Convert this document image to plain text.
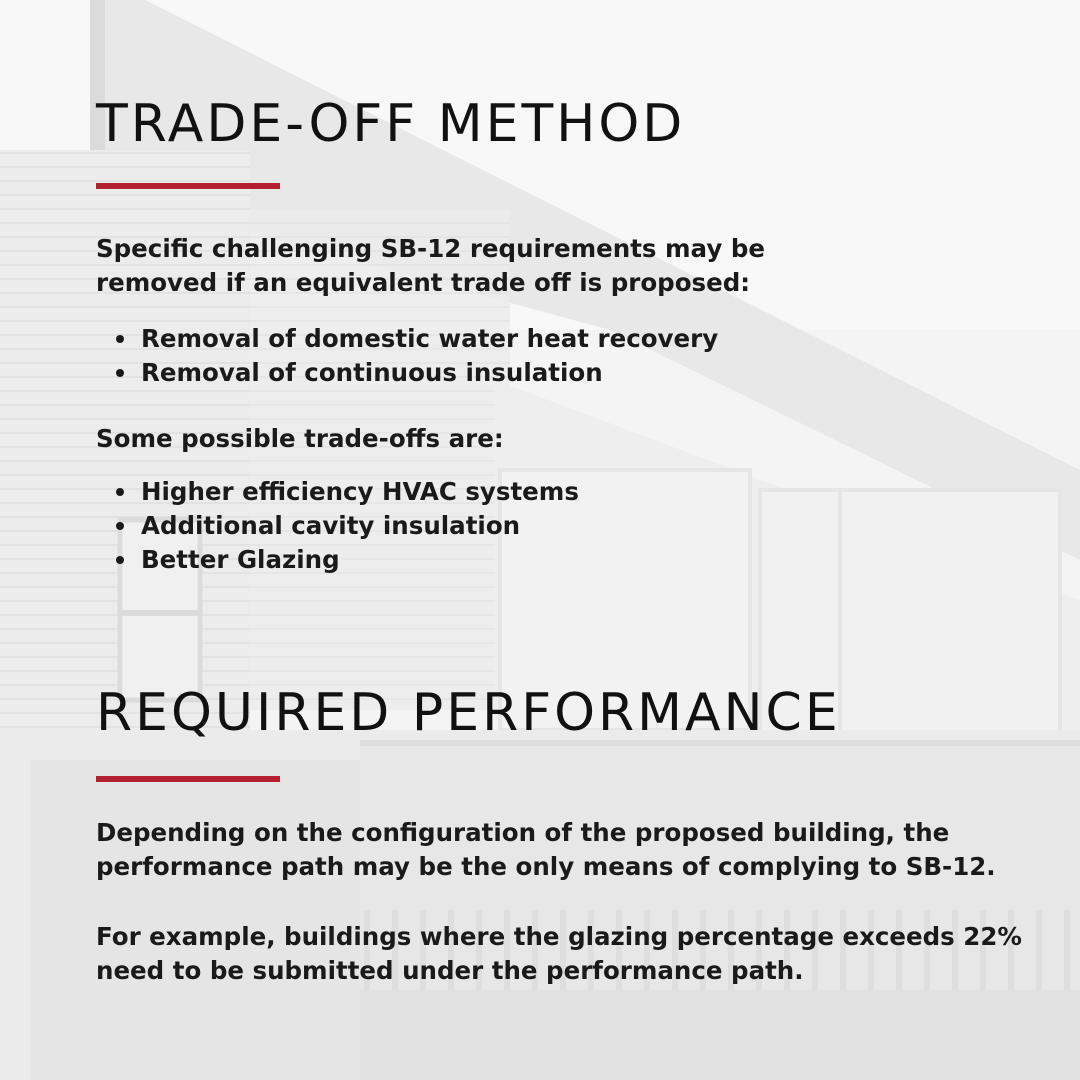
TRADE-OFF METHOD

Specific challenging SB-12 requirements may be
removed if an equivalent trade off is proposed:

Removal of domestic water heat recovery
Removal of continuous insulation

Some possible trade-offs are:

Higher efficiency HVAC systems
Additional cavity insulation
Better Glazing
REQUIRED PERFORMANCE

Depending on the configuration of the proposed building, the
performance path may be the only means of complying to SB-12.

For example, buildings where the glazing percentage exceeds 22%
need to be submitted under the performance path.
